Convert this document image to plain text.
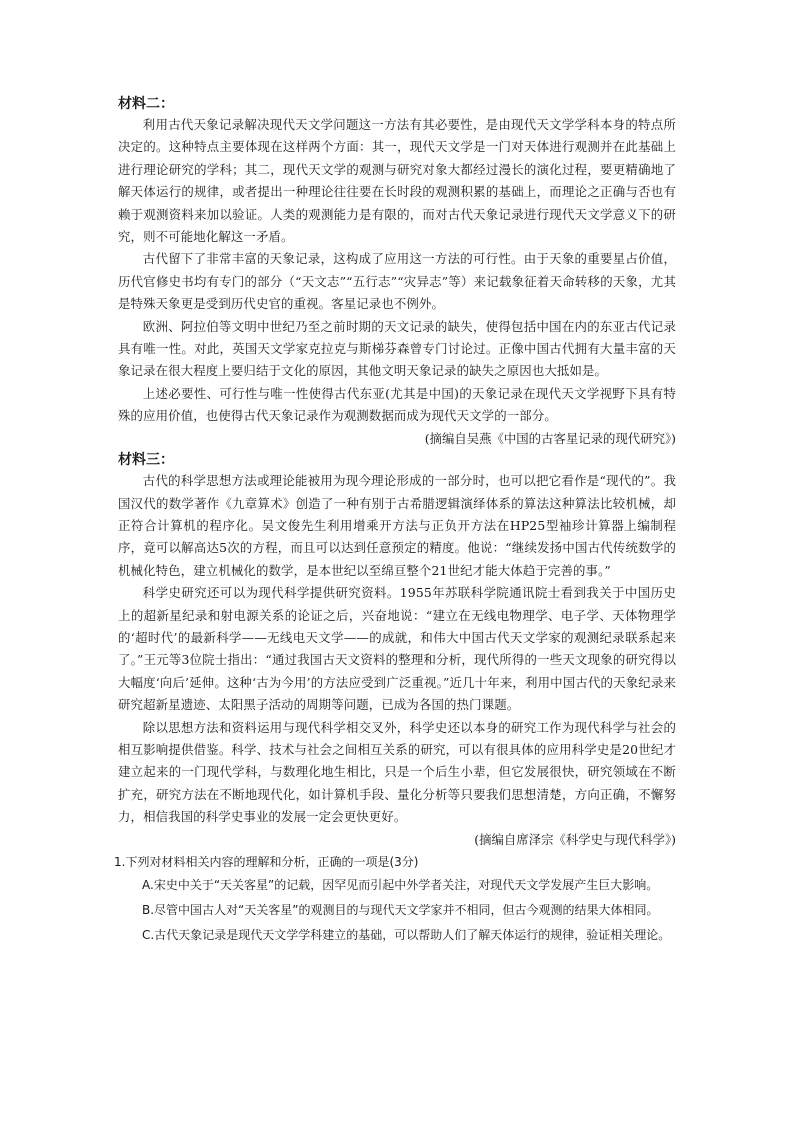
材料二：

利用古代天象记录解决现代天文学问题这一方法有其必要性，是由现代天文学学科本身的特点所决定的。这种特点主要体现在这样两个方面：其一，现代天文学是一门对天体进行观测并在此基础上进行理论研究的学科；其二，现代天文学的观测与研究对象大都经过漫长的演化过程，要更精确地了解天体运行的规律，或者提出一种理论往往要在长时段的观测积累的基础上，而理论之正确与否也有赖于观测资料来加以验证。人类的观测能力是有限的，而对古代天象记录进行现代天文学意义下的研究，则不可能地化解这一矛盾。

古代留下了非常丰富的天象记录，这构成了应用这一方法的可行性。由于天象的重要星占价值，历代官修史书均有专门的部分（“天文志”“五行志”“灾异志”等）来记载象征着天命转移的天象，尤其是特殊天象更是受到历代史官的重视。客星记录也不例外。

欧洲、阿拉伯等文明中世纪乃至之前时期的天文记录的缺失，使得包括中国在内的东亚古代记录具有唯一性。对此，英国天文学家克拉克与斯梯芬森曾专门讨论过。正像中国古代拥有大量丰富的天象记录在很大程度上要归结于文化的原因，其他文明天象记录的缺失之原因也大抵如是。

上述必要性、可行性与唯一性使得古代东亚(尤其是中国)的天象记录在现代天文学视野下具有特殊的应用价值，也使得古代天象记录作为观测数据而成为现代天文学的一部分。

(摘编自吴燕《中国的古客星记录的现代研究》)

材料三：

古代的科学思想方法或理论能被用为现今理论形成的一部分时，也可以把它看作是“现代的”。我国汉代的数学著作《九章算术》创造了一种有别于古希腊逻辑演绎体系的算法这种算法比较机械，却正符合计算机的程序化。吴文俊先生利用增乘开方法与正负开方法在HP25型袖珍计算器上编制程序，竟可以解高达5次的方程，而且可以达到任意预定的精度。他说：“继续发扬中国古代传统数学的机械化特色，建立机械化的数学，是本世纪以至绵亘整个21世纪才能大体趋于完善的事。”

科学史研究还可以为现代科学提供研究资料。1955年苏联科学院通讯院士看到我关于中国历史上的超新星纪录和射电源关系的论证之后，兴奋地说：“建立在无线电物理学、电子学、天体物理学的‘超时代’的最新科学——无线电天文学——的成就，和伟大中国古代天文学家的观测纪录联系起来了。”王元等3位院士指出：“通过我国古天文资料的整理和分析，现代所得的一些天文现象的研究得以大幅度‘向后’延伸。这种‘古为今用’的方法应受到广泛重视。”近几十年来，利用中国古代的天象纪录来研究超新星遗迹、太阳黑子活动的周期等问题，已成为各国的热门课题。

除以思想方法和资料运用与现代科学相交叉外，科学史还以本身的研究工作为现代科学与社会的相互影响提供借鉴。科学、技术与社会之间相互关系的研究，可以有很具体的应用科学史是20世纪才建立起来的一门现代学科，与数理化地生相比，只是一个后生小辈，但它发展很快，研究领域在不断扩充，研究方法在不断地现代化，如计算机手段、量化分析等只要我们思想清楚，方向正确，不懈努力，相信我国的科学史事业的发展一定会更快更好。

(摘编自席泽宗《科学史与现代科学》)

1.下列对材料相关内容的理解和分析，正确的一项是(3分)

A.宋史中关于“天关客星”的记载，因罕见而引起中外学者关注，对现代天文学发展产生巨大影响。

B.尽管中国古人对“天关客星”的观测目的与现代天文学家并不相同，但古今观测的结果大体相同。

C.古代天象记录是现代天文学学科建立的基础，可以帮助人们了解天体运行的规律，验证相关理论。
